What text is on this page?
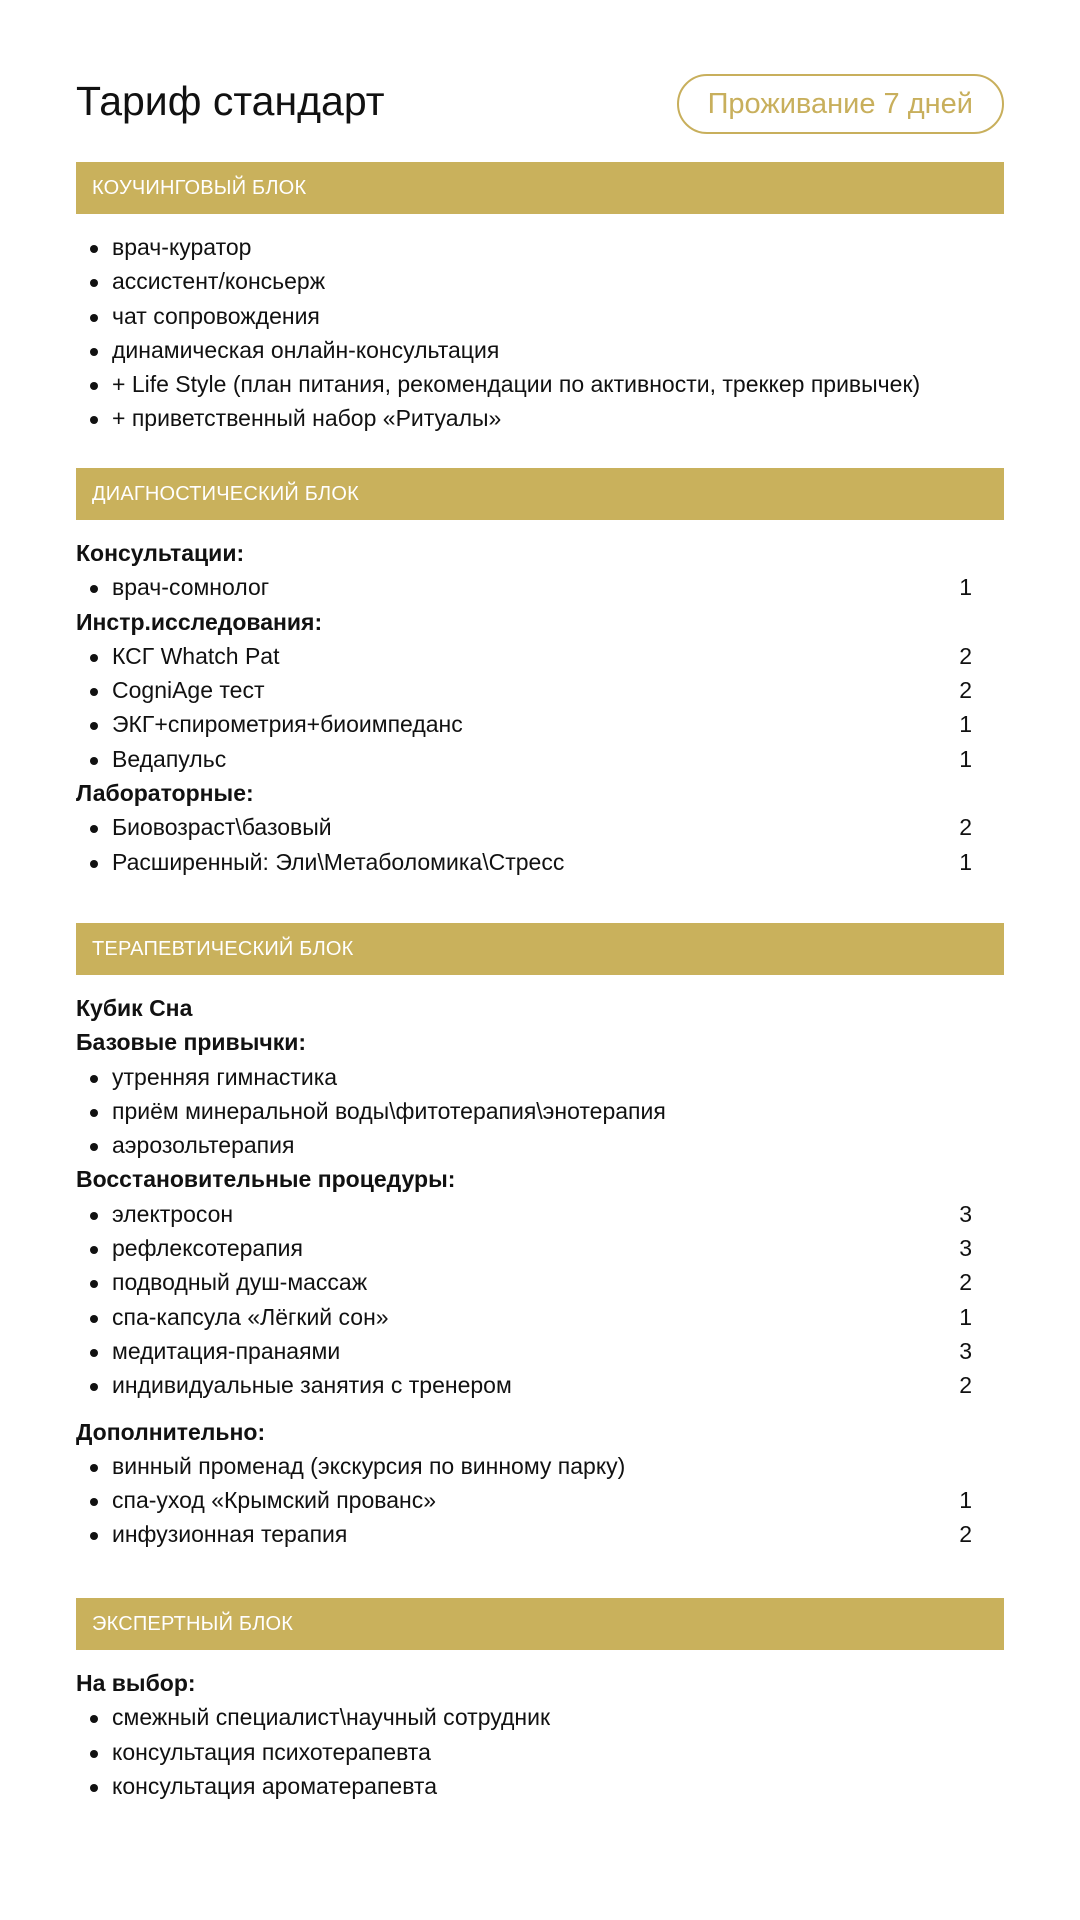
Тариф стандарт	Проживание 7 дней
КОУЧИНГОВЫЙ БЛОК
врач-куратор
ассистент/консьерж
чат сопровождения
динамическая онлайн-консультация
+ Life Style (план питания, рекомендации по активности, треккер привычек)
+ приветственный набор «Ритуалы»
ДИАГНОСТИЧЕСКИЙ БЛОК
Консультации:
врач-сомнолог	1
Инстр.исследования:
КСГ Whatch Pat	2
CogniAge тест	2
ЭКГ+спирометрия+биоимпеданс	1
Ведапульс	1
Лабораторные:
Биовозраст\базовый	2
Расширенный: Эли\Метаболомика\Стресс	1
ТЕРАПЕВТИЧЕСКИЙ БЛОК
Кубик Сна
Базовые привычки:
утренняя гимнастика
приём минеральной воды\фитотерапия\энотерапия
аэрозольтерапия
Восстановительные процедуры:
электросон	3
рефлексотерапия	3
подводный душ-массаж	2
спа-капсула «Лёгкий сон»	1
медитация-пранаями	3
индивидуальные занятия с тренером	2
Дополнительно:
винный променад (экскурсия по винному парку)
спа-уход «Крымский прованс»	1
инфузионная терапия	2
ЭКСПЕРТНЫЙ БЛОК
На выбор:
смежный специалист\научный сотрудник
консультация психотерапевта
консультация ароматерапевта
